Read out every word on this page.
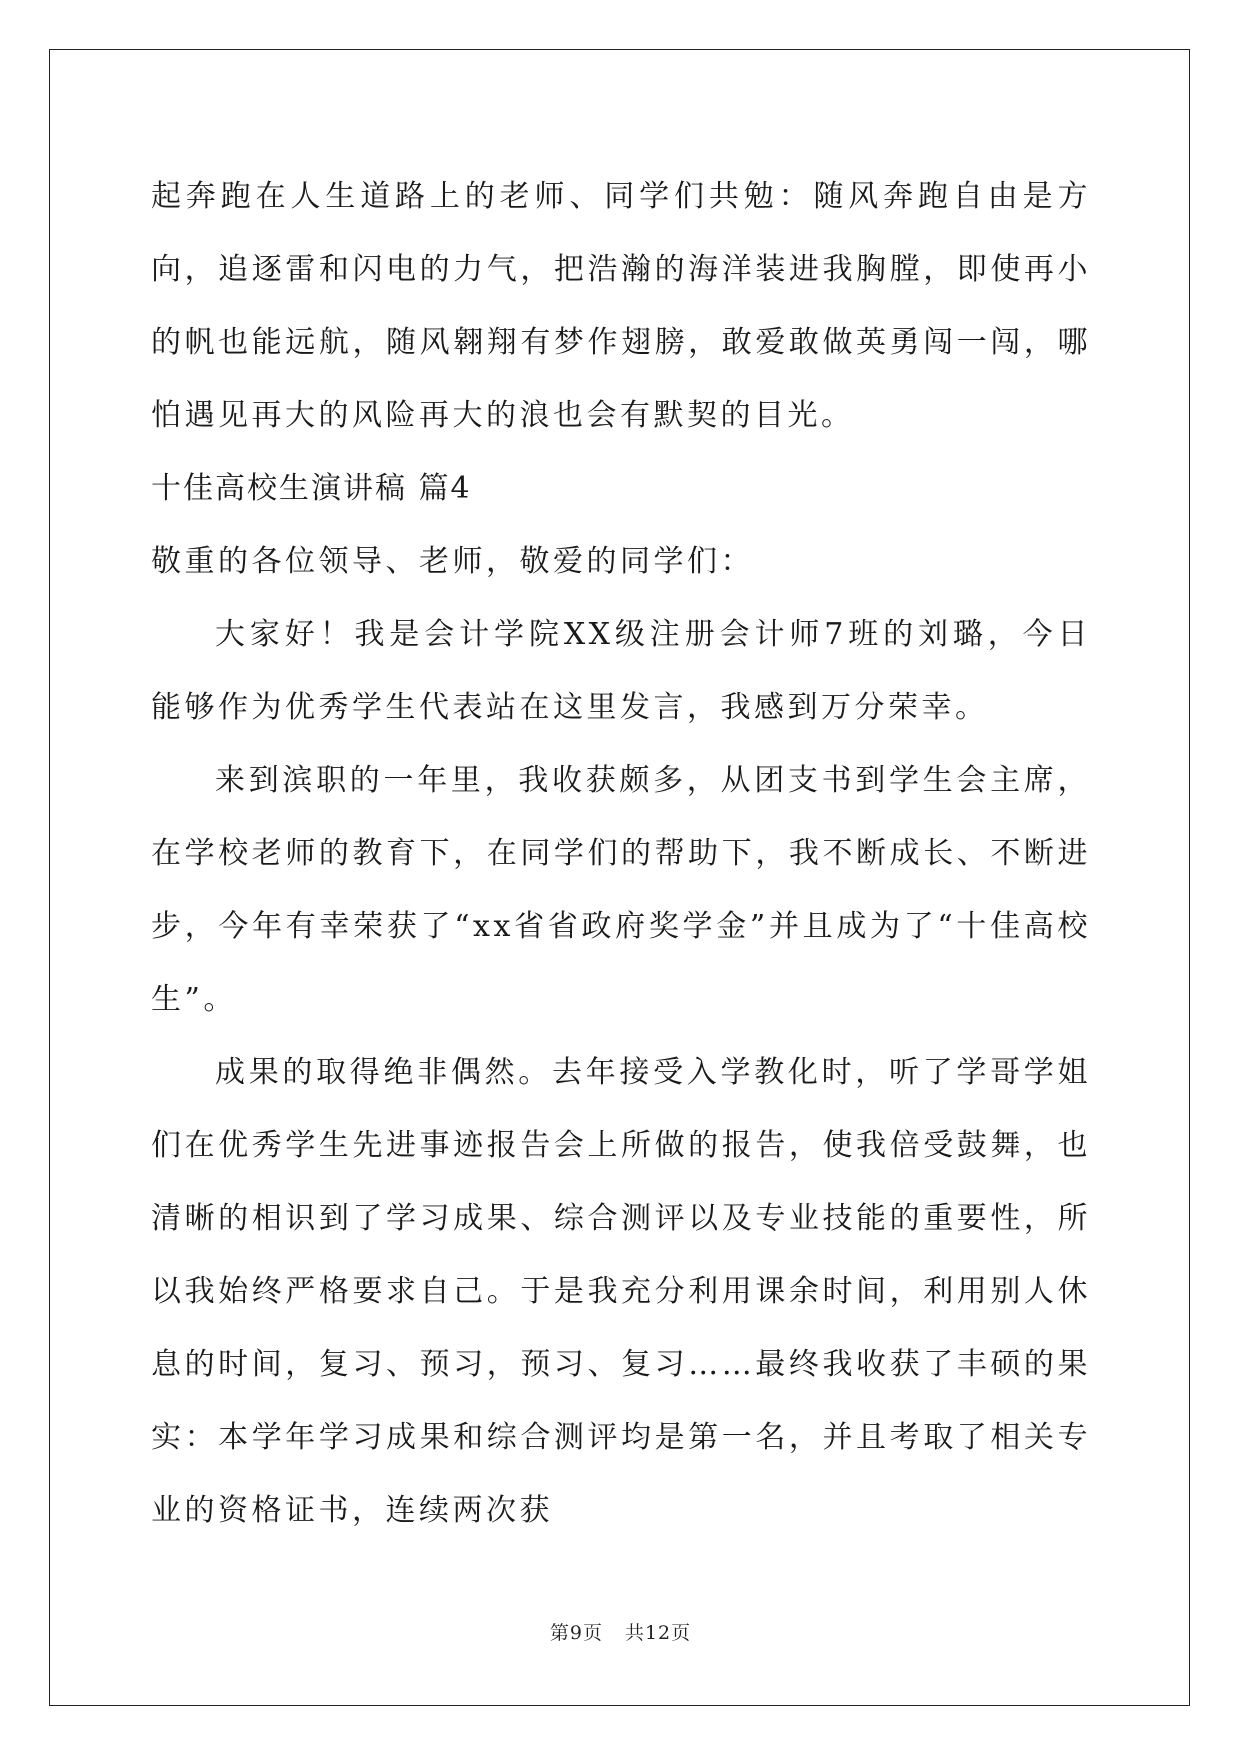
起奔跑在人生道路上的老师、同学们共勉：随风奔跑自由是方向，追逐雷和闪电的力气，把浩瀚的海洋装进我胸膛，即使再小的帆也能远航，随风翱翔有梦作翅膀，敢爱敢做英勇闯一闯，哪怕遇见再大的风险再大的浪也会有默契的目光。

十佳高校生演讲稿 篇4

敬重的各位领导、老师，敬爱的同学们：

大家好！我是会计学院XX级注册会计师7班的刘璐，今日能够作为优秀学生代表站在这里发言，我感到万分荣幸。

来到滨职的一年里，我收获颇多，从团支书到学生会主席，在学校老师的教育下，在同学们的帮助下，我不断成长、不断进步，今年有幸荣获了“xx省省政府奖学金”并且成为了“十佳高校生”。

成果的取得绝非偶然。去年接受入学教化时，听了学哥学姐们在优秀学生先进事迹报告会上所做的报告，使我倍受鼓舞，也清晰的相识到了学习成果、综合测评以及专业技能的重要性，所以我始终严格要求自己。于是我充分利用课余时间，利用别人休息的时间，复习、预习，预习、复习……最终我收获了丰硕的果实：本学年学习成果和综合测评均是第一名，并且考取了相关专业的资格证书，连续两次获

第9页 共12页
